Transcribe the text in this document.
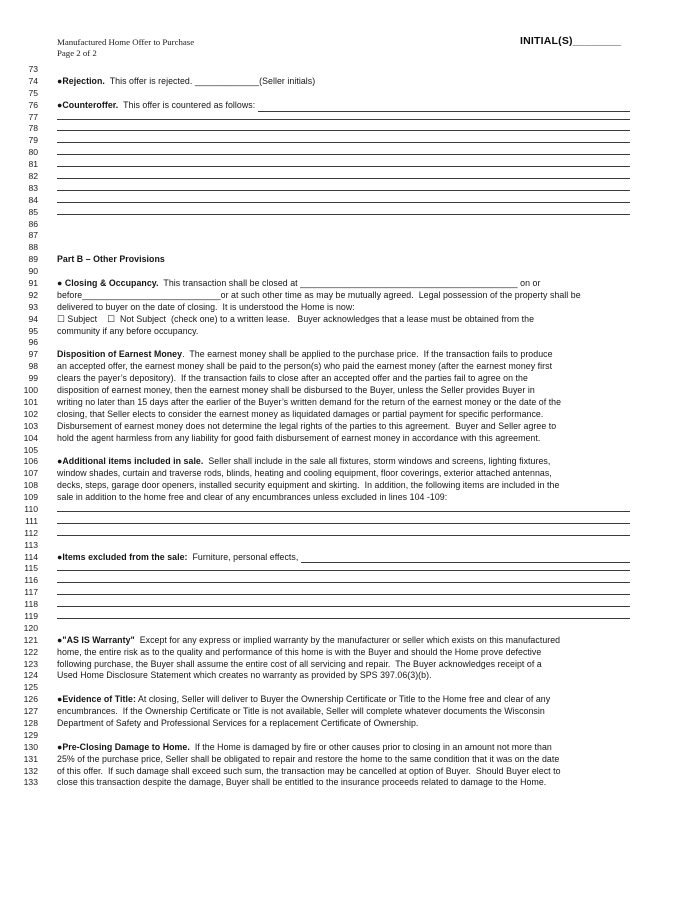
Manufactured Home Offer to Purchase
Page 2 of 2
INITIAL(S)________
73
74 ●Rejection. This offer is rejected. _____________(Seller initials)
75
76 ●Counteroffer. This offer is countered as follows:
77
78
79
80
81
82
83
84
85
86
87
88
89 Part B – Other Provisions
90
91 ● Closing & Occupancy. This transaction shall be closed at ____________________________________________ on or
92 before____________________________or at such other time as may be mutually agreed.  Legal possession of the property shall be
93 delivered to buyer on the date of closing.  It is understood the Home is now:
94 ☐ Subject    ☐  Not Subject  (check one) to a written lease.   Buyer acknowledges that a lease must be obtained from the
95 community if any before occupancy.
96
97 Disposition of Earnest Money .  The earnest money shall be applied to the purchase price.  If the transaction fails to produce
98 an accepted offer, the earnest money shall be paid to the person(s) who paid the earnest money (after the earnest money first
99 clears the payer’s depository).  If the transaction fails to close after an accepted offer and the parties fail to agree on the
100 disposition of earnest money, then the earnest money shall be disbursed to the Buyer, unless the Seller provides Buyer in
101 writing no later than 15 days after the earlier of the Buyer’s written demand for the return of the earnest money or the date of the
102 closing, that Seller elects to consider the earnest money as liquidated damages or partial payment for specific performance.
103 Disbursement of earnest money does not determine the legal rights of the parties to this agreement.  Buyer and Seller agree to
104 hold the agent harmless from any liability for good faith disbursement of earnest money in accordance with this agreement.
105
106 ●Additional items included in sale. Seller shall include in the sale all fixtures, storm windows and screens, lighting fixtures,
107 window shades, curtain and traverse rods, blinds, heating and cooling equipment, floor coverings, exterior attached antennas,
108 decks, steps, garage door openers, installed security equipment and skirting.  In addition, the following items are included in the
109 sale in addition to the home free and clear of any encumbrances unless excluded in lines 104 -109:
110
111
112
113
114 ●Items excluded from the sale: Furniture, personal effects,
115
116
117
118
119
120
121 ●"AS IS Warranty" Except for any express or implied warranty by the manufacturer or seller which exists on this manufactured
122 home, the entire risk as to the quality and performance of this home is with the Buyer and should the Home prove defective
123 following purchase, the Buyer shall assume the entire cost of all servicing and repair.  The Buyer acknowledges receipt of a
124 Used Home Disclosure Statement which creates no warranty as provided by SPS 397.06(3)(b).
125
126 ●Evidence of Title: At closing, Seller will deliver to Buyer the Ownership Certificate or Title to the Home free and clear of any
127 encumbrances.  If the Ownership Certificate or Title is not available, Seller will complete whatever documents the Wisconsin
128 Department of Safety and Professional Services for a replacement Certificate of Ownership.
129
130 ●Pre-Closing Damage to Home. If the Home is damaged by fire or other causes prior to closing in an amount not more than
131 25% of the purchase price, Seller shall be obligated to repair and restore the home to the same condition that it was on the date
132 of this offer.  If such damage shall exceed such sum, the transaction may be cancelled at option of Buyer.  Should Buyer elect to
133 close this transaction despite the damage, Buyer shall be entitled to the insurance proceeds related to damage to the Home.
